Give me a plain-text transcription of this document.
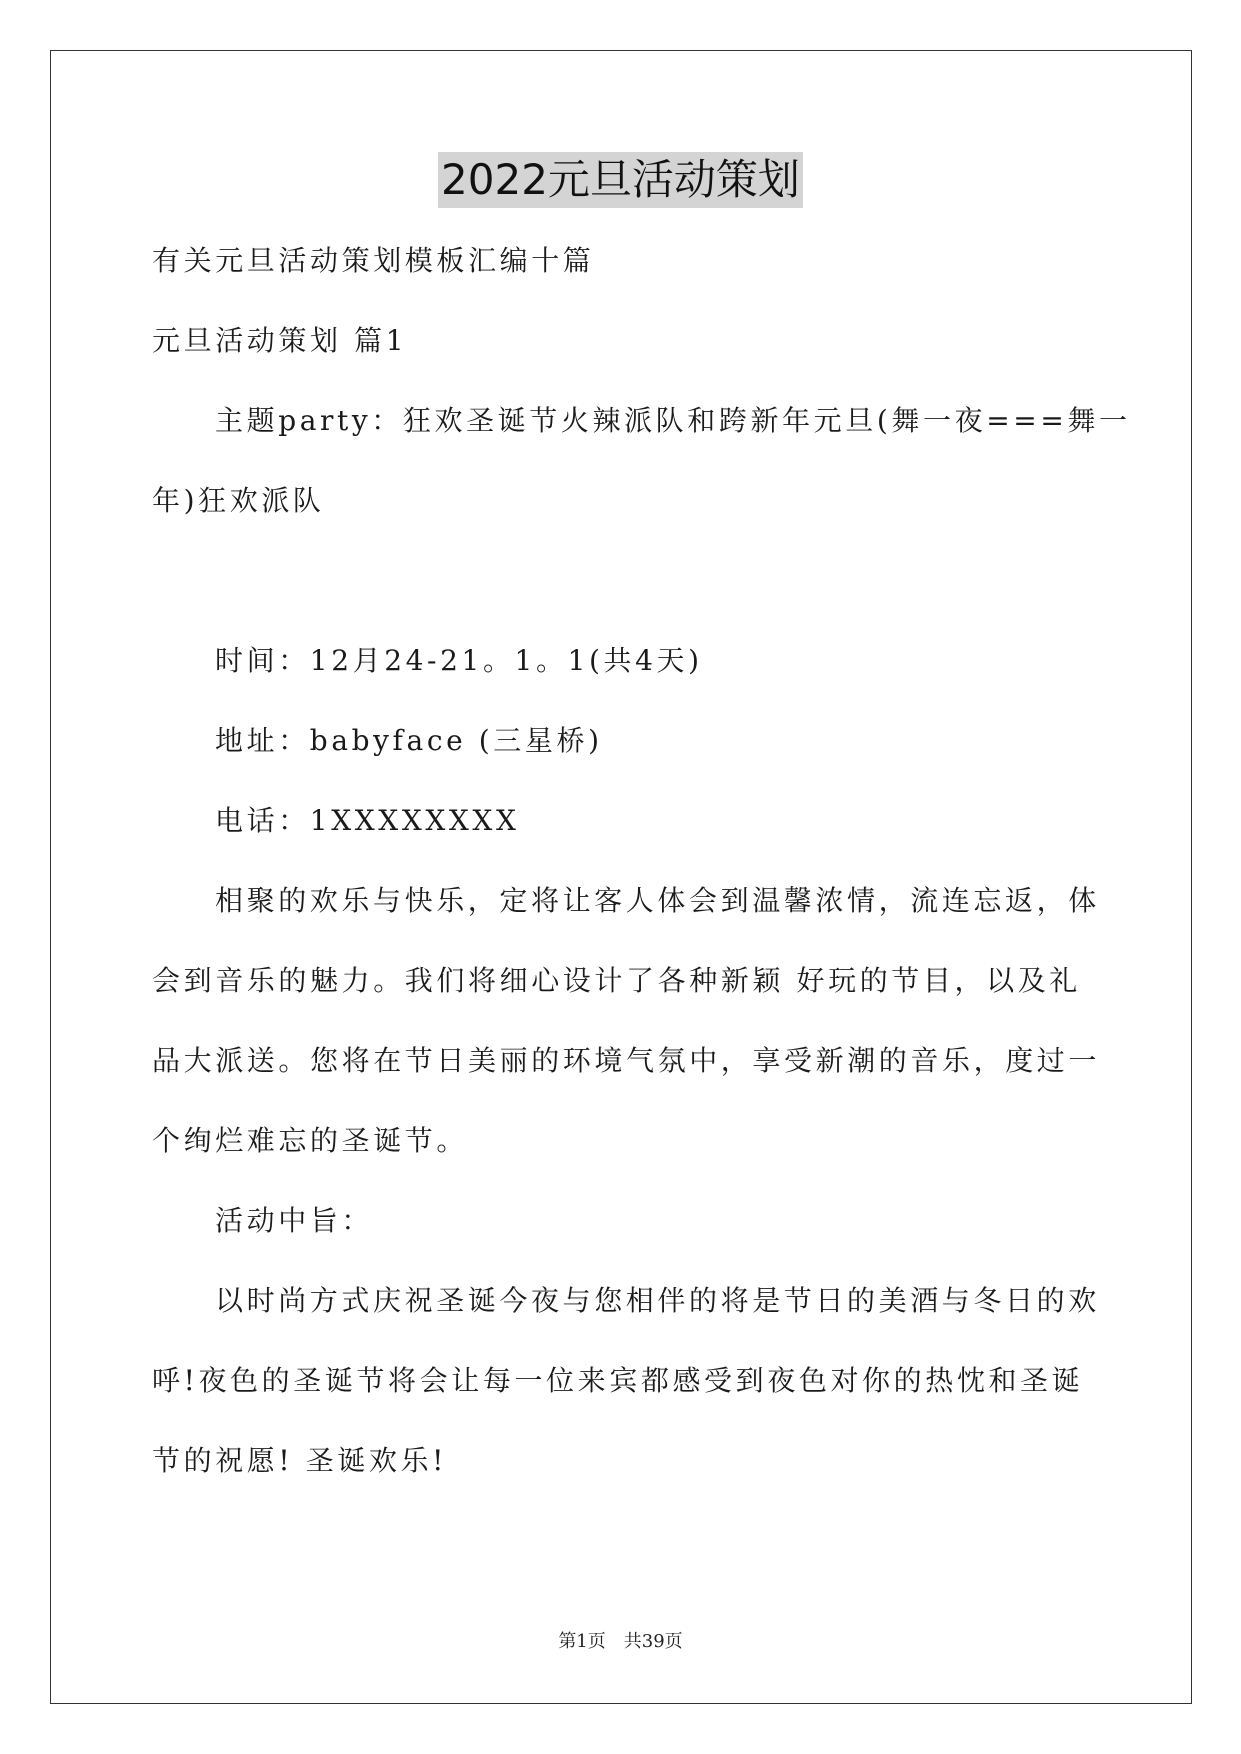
2022元旦活动策划
有关元旦活动策划模板汇编十篇
元旦活动策划 篇1
主题party：狂欢圣诞节火辣派队和跨新年元旦(舞一夜===舞一
年)狂欢派队
时间：12月24-21。1。1(共4天)
地址：babyface (三星桥)
电话：1XXXXXXXX
相聚的欢乐与快乐，定将让客人体会到温馨浓情，流连忘返，体
会到音乐的魅力。我们将细心设计了各种新颖 好玩的节目，以及礼
品大派送。您将在节日美丽的环境气氛中，享受新潮的音乐，度过一
个绚烂难忘的圣诞节。
活动中旨：
以时尚方式庆祝圣诞今夜与您相伴的将是节日的美酒与冬日的欢
呼!夜色的圣诞节将会让每一位来宾都感受到夜色对你的热忱和圣诞
节的祝愿! 圣诞欢乐!
第1页　共39页
